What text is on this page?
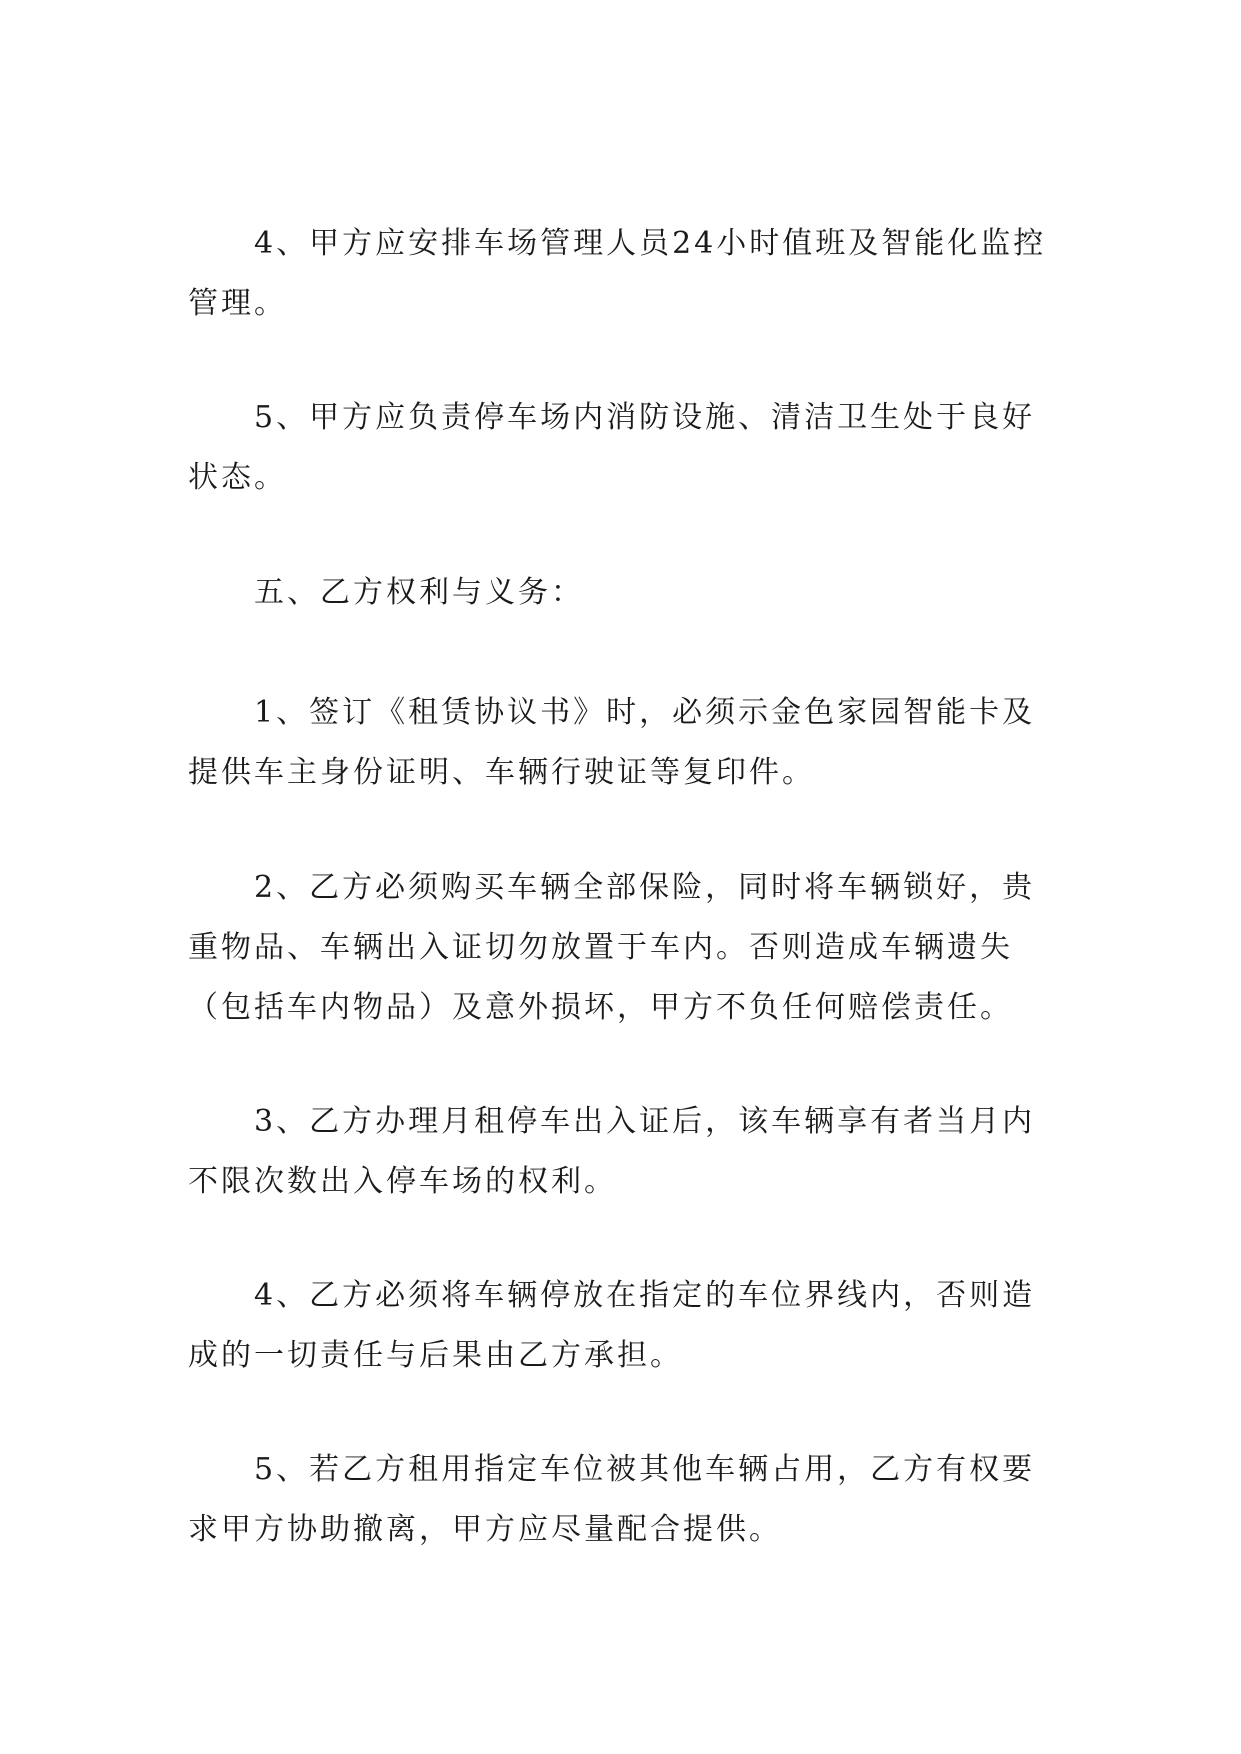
4、甲方应安排车场管理人员24小时值班及智能化监控管理。

5、甲方应负责停车场内消防设施、清洁卫生处于良好状态。

五、乙方权利与义务：

1、签订《租赁协议书》时，必须示金色家园智能卡及提供车主身份证明、车辆行驶证等复印件。

2、乙方必须购买车辆全部保险，同时将车辆锁好，贵重物品、车辆出入证切勿放置于车内。否则造成车辆遗失（包括车内物品）及意外损坏，甲方不负任何赔偿责任。

3、乙方办理月租停车出入证后，该车辆享有者当月内不限次数出入停车场的权利。

4、乙方必须将车辆停放在指定的车位界线内，否则造成的一切责任与后果由乙方承担。

5、若乙方租用指定车位被其他车辆占用，乙方有权要求甲方协助撤离，甲方应尽量配合提供。
